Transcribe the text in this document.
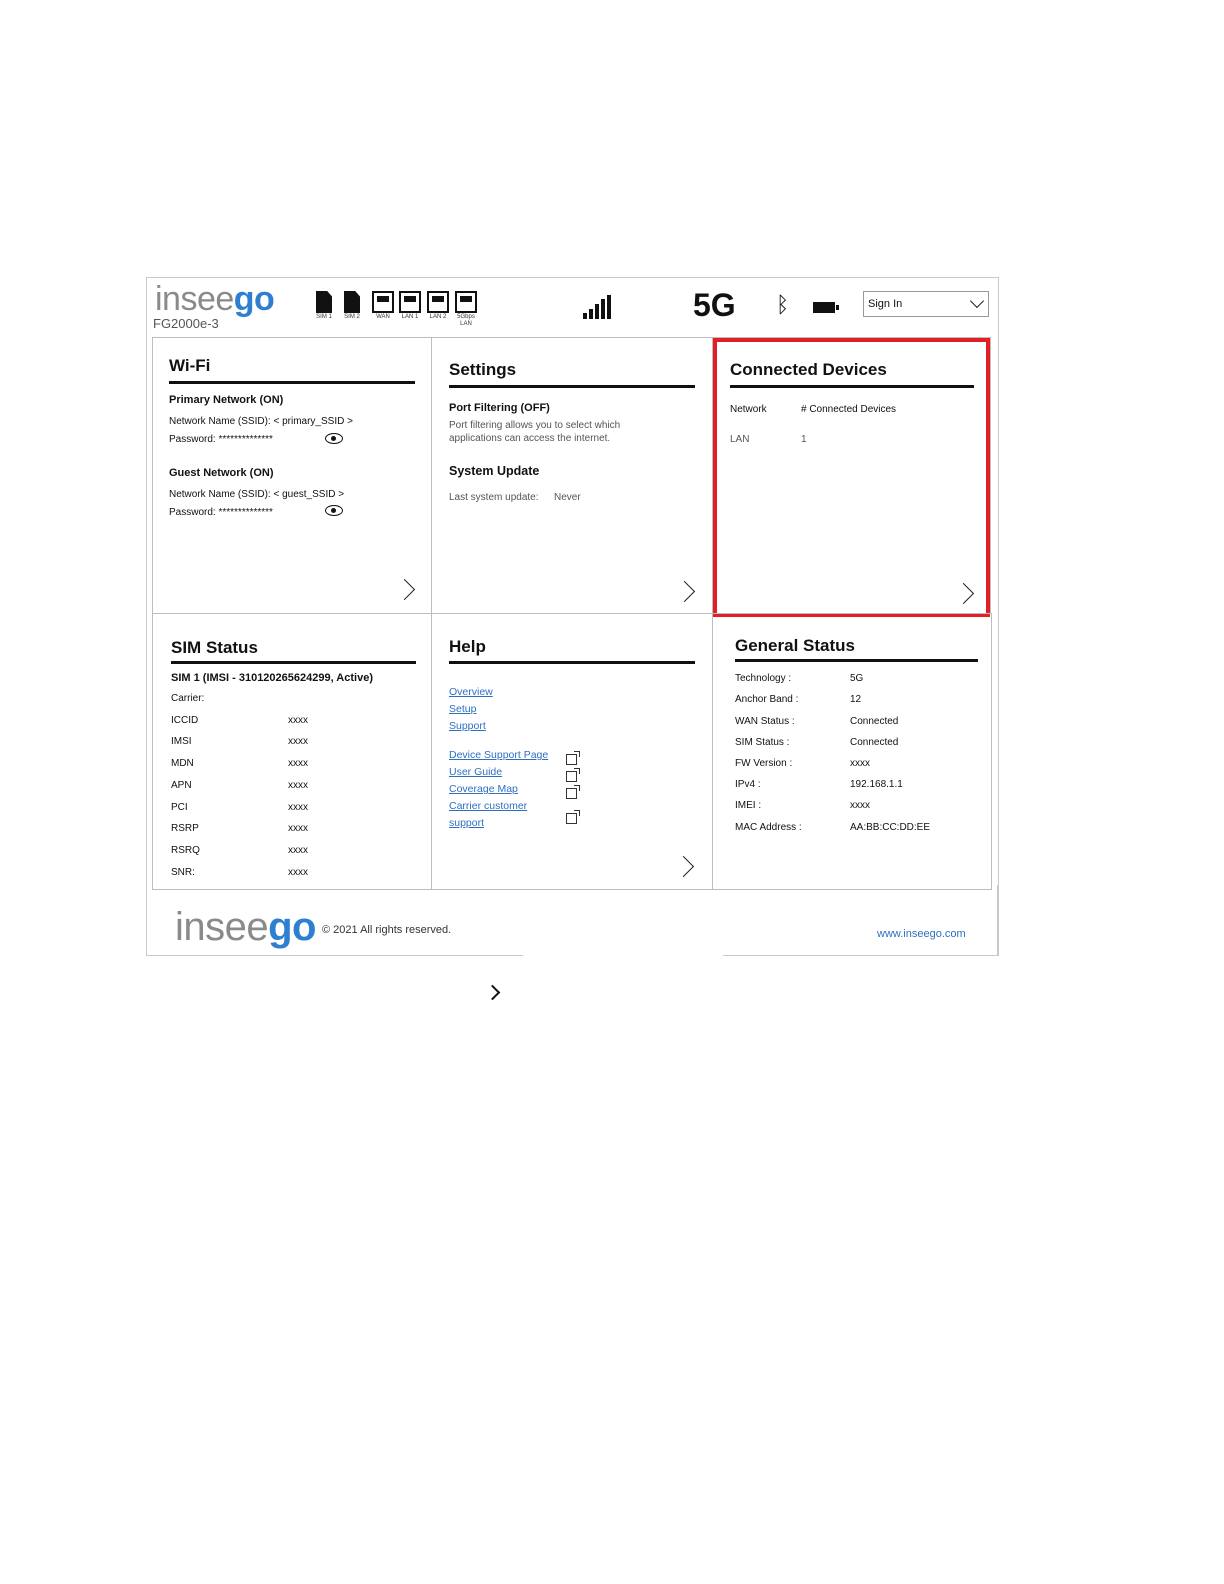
inseego
FG2000e-3	SIM 1 SIM 2	WAN	LAN 1	LAN 2	5Gbps LAN
5G ᛒ	Sign In
Wi-Fi
Primary Network (ON)
Network Name (SSID): < primary_SSID >
Password: **************
Guest Network (ON)
Network Name (SSID): < guest_SSID >
Password: **************
Settings
Port Filtering (OFF)
Port filtering allows you to select which
applications can access the internet.
System Update
Last system update: Never
Connected Devices
Network	# Connected Devices
LAN	1
SIM Status
SIM 1 (IMSI - 310120265624299, Active)
Carrier:
ICCID	xxxx
IMSI	xxxx
MDN	xxxx
APN	xxxx
PCI	xxxx
RSRP	xxxx
RSRQ	xxxx
SNR:	xxxx
Help
Overview
Setup
Support
Device Support Page
User Guide
Coverage Map
Carrier customer
support
General Status
Technology :	5G
Anchor Band :	12
WAN Status :	Connected
SIM Status :	Connected
FW Version :	xxxx
IPv4 :	192.168.1.1
IMEI :	xxxx
MAC Address :	AA:BB:CC:DD:EE
inseego © 2021 All rights reserved.	www.inseego.com
